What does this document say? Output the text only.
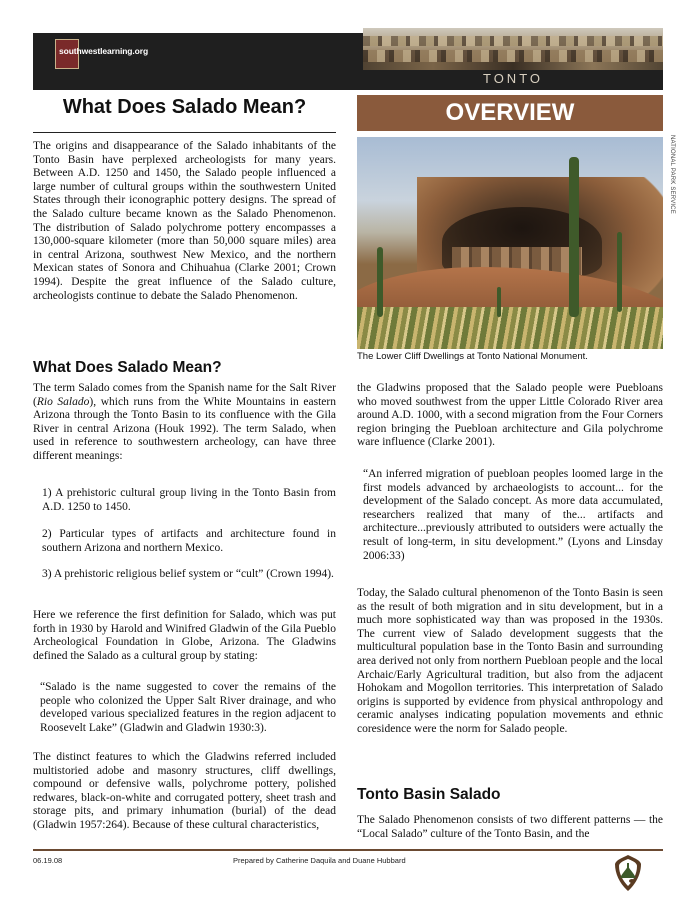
southwestlearning.org
TONTO
What Does Salado Mean?	OVERVIEW
NATIONAL PARK SERVICE
The Lower Cliff Dwellings at Tonto National Monument.
The origins and disappearance of the Salado inhabitants of the Tonto Basin have perplexed archeologists for many years. Between A.D. 1250 and 1450, the Salado people influenced a large number of cultural groups within the southwestern United States through their iconographic pottery designs. The spread of the Salado culture became known as the Salado Phenomenon. The distribution of Salado polychrome pottery encompasses a 130,000-square kilometer (more than 50,000 square miles) area in central Arizona, southwest New Mexico, and the northern Mexican states of Sonora and Chihuahua (Clarke 2001; Crown 1994). Despite the great influence of the Salado culture, archeologists continue to debate the Salado Phenomenon.
What Does Salado Mean?
The term Salado comes from the Spanish name for the Salt River (Rio Salado), which runs from the White Mountains in eastern Arizona through the Tonto Basin to its confluence with the Gila River in central Arizona (Houk 1992). The term Salado, when used in reference to southwestern archeology, can have three different meanings:
1) A prehistoric cultural group living in the Tonto Basin from A.D. 1250 to 1450.
2) Particular types of artifacts and architecture found in southern Arizona and northern Mexico.
3) A prehistoric religious belief system or “cult” (Crown 1994).
Here we reference the first definition for Salado, which was put forth in 1930 by Harold and Winifred Gladwin of the Gila Pueblo Archeological Foundation in Globe, Arizona. The Gladwins defined the Salado as a cultural group by stating:
“Salado is the name suggested to cover the remains of the people who colonized the Upper Salt River drainage, and who developed various specialized features in the region adjacent to Roosevelt Lake” (Gladwin and Gladwin 1930:3).
The distinct features to which the Gladwins referred included multistoried adobe and masonry structures, cliff dwellings, compound or defensive walls, polychrome pottery, polished redwares, black-on-white and corrugated pottery, sheet trash and storage pits, and primary inhumation (burial) of the dead (Gladwin 1957:264). Because of these cultural characteristics,
the Gladwins proposed that the Salado people were Puebloans who moved southwest from the upper Little Colorado River area around A.D. 1000, with a second migration from the Four Corners region bringing the Puebloan architecture and Gila polychrome ware influence (Clarke 2001).
“An inferred migration of puebloan peoples loomed large in the first models advanced by archaeologists to account... for the development of the Salado concept. As more data accumulated, researchers realized that many of the... artifacts and architecture...previously attributed to outsiders were actually the result of long-term, in situ development.” (Lyons and Linsday 2006:33)
Today, the Salado cultural phenomenon of the Tonto Basin is seen as the result of both migration and in situ development, but in a much more sophisticated way than was proposed in the 1930s. The current view of Salado development suggests that the multicultural population base in the Tonto Basin and surrounding area derived not only from northern Puebloan people and the local Archaic/Early Agricultural tradition, but also from the adjacent Hohokam and Mogollon territories. This interpretation of Salado origins is supported by evidence from physical anthropology and ceramic analyses indicating population movements and ethnic coresidence were the norm for Salado people.
Tonto Basin Salado
The Salado Phenomenon consists of two different patterns — the “Local Salado” culture of the Tonto Basin, and the
06.19.08	Prepared by Catherine Daquila and Duane Hubbard
